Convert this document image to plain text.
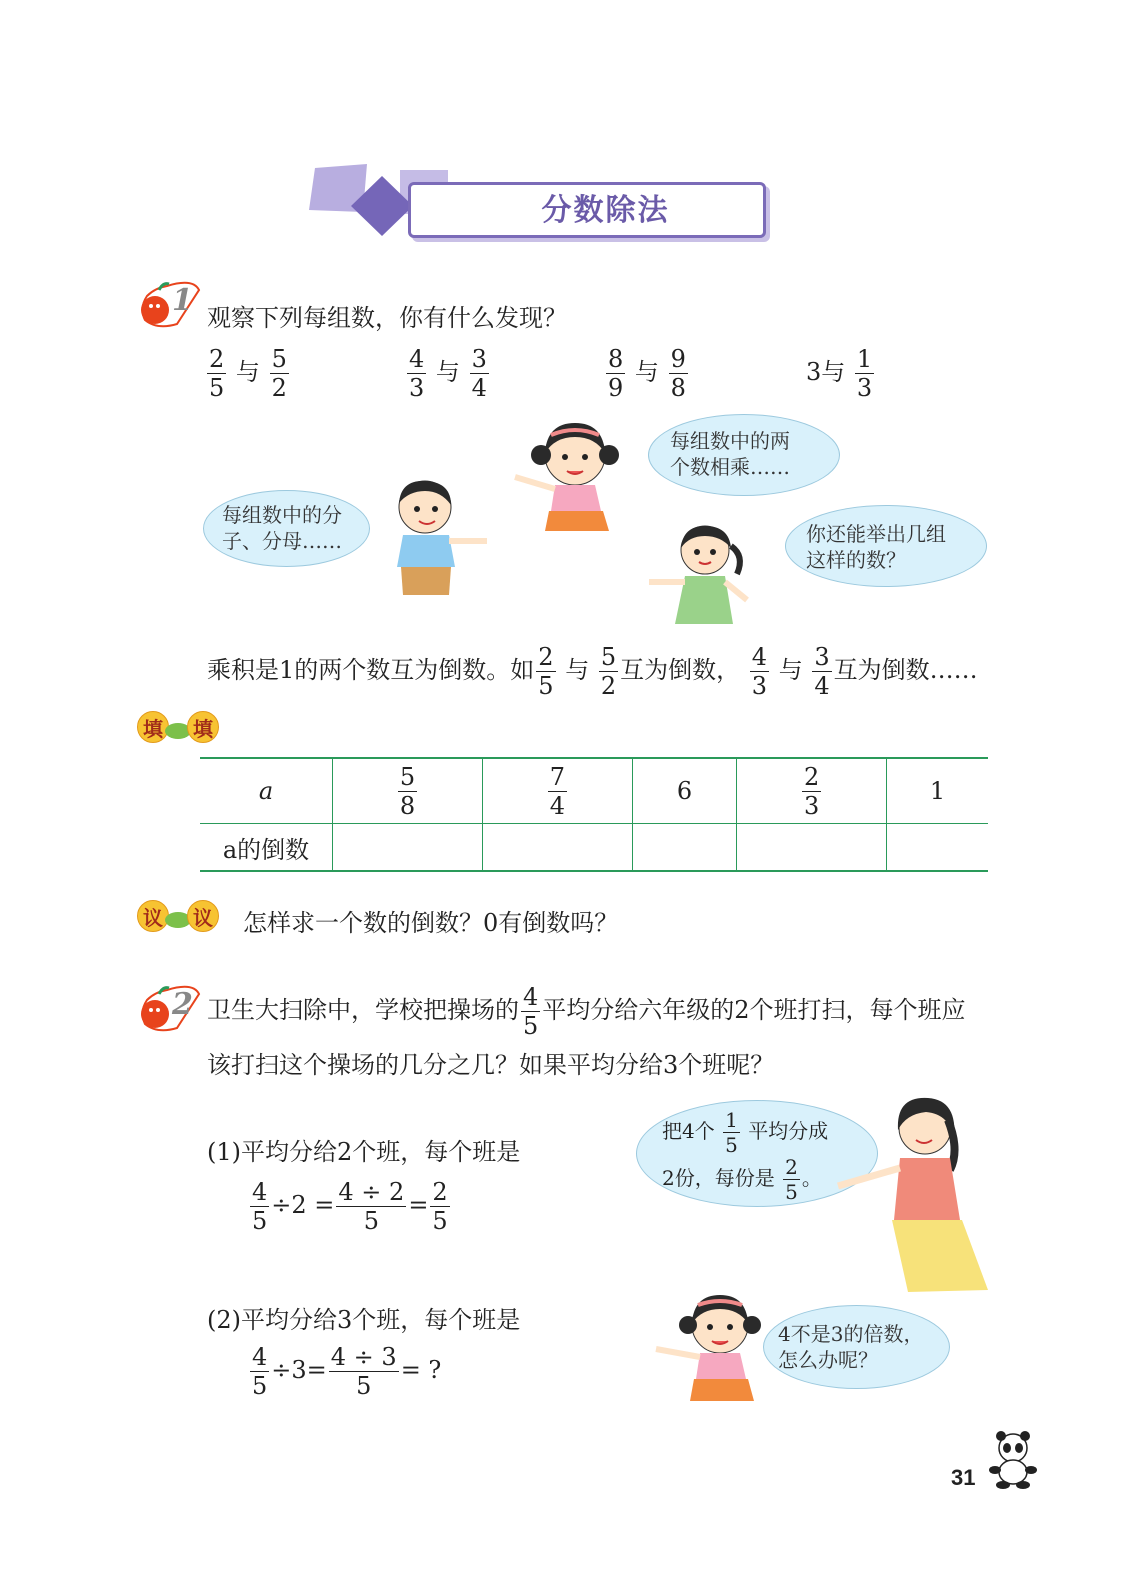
分数除法
1 观察下列每组数，你有什么发现？
$\frac{2}{5}$ 与 $\frac{5}{2}$	$\frac{4}{3}$ 与 $\frac{3}{4}$	$\frac{8}{9}$ 与 $\frac{9}{8}$	3与 $\frac{1}{3}$
每组数中的两
个数相乘……
每组数中的分
子、分母……	你还能举出几组
这样的数？
乘积是1的两个数互为倒数。如 $\frac{2}{5}$ 与 $\frac{5}{2}$ 互为倒数， $\frac{4}{3}$ 与 $\frac{3}{4}$ 互为倒数……
填 填
a	$\frac{5}{8}$	$\frac{7}{4}$	6	$\frac{2}{3}$	1
a的倒数					
议 议 怎样求一个数的倒数？0有倒数吗？
2 卫生大扫除中，学校把操场的 $\frac{4}{5}$ 平均分给六年级的2个班打扫，每个班应
该打扫这个操场的几分之几？如果平均分给3个班呢？
(1)平均分给2个班，每个班是
$\frac{4}{5} \div 2 = \frac{4 \div 2}{5} = \frac{2}{5}$
把4个 $\frac{1}{5}$ 平均分成
2份，每份是 $\frac{2}{5}$ 。
(2)平均分给3个班，每个班是
$\frac{4}{5} \div 3= \frac{4 \div 3}{5}$ = ?
4不是3的倍数，
怎么办呢？
31
